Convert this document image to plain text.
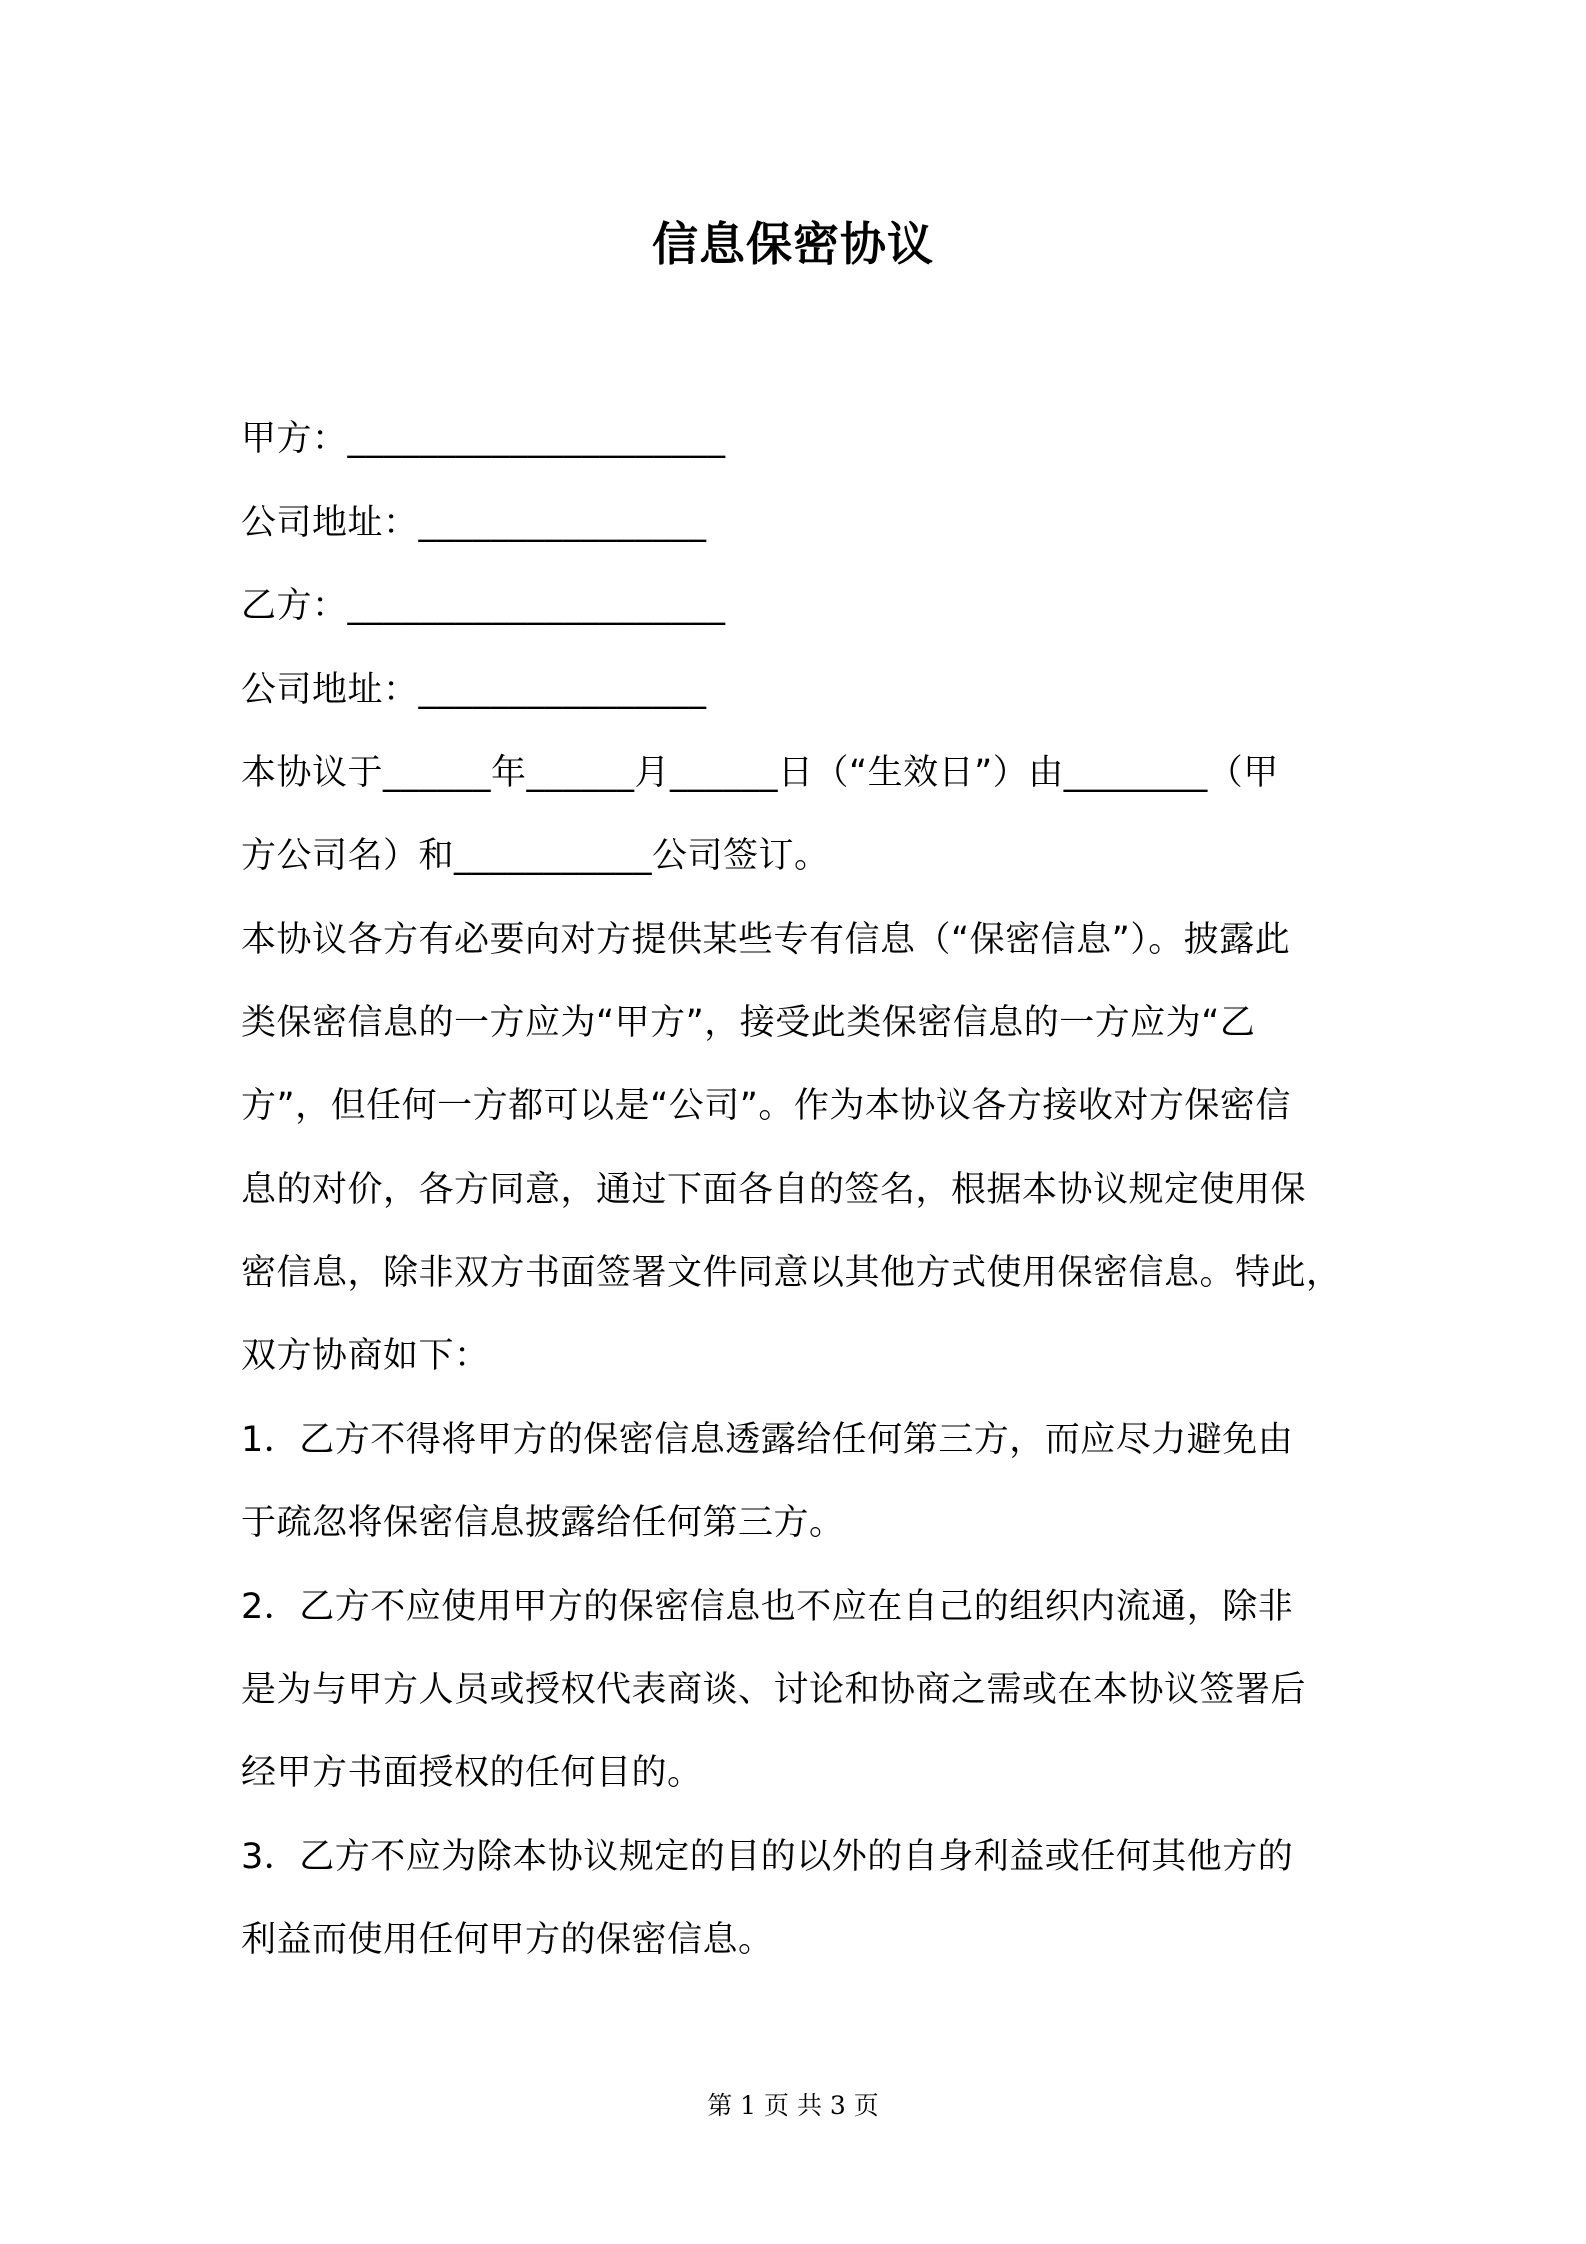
信息保密协议
甲方：_____________________
公司地址：________________
乙方：_____________________
公司地址：________________
本协议于______年______月______日（“生效日”）由________（甲
方公司名）和___________公司签订。
本协议各方有必要向对方提供某些专有信息（“保密信息”）。披露此
类保密信息的一方应为“甲方”，接受此类保密信息的一方应为“乙
方”，但任何一方都可以是“公司”。作为本协议各方接收对方保密信
息的对价，各方同意，通过下面各自的签名，根据本协议规定使用保
密信息，除非双方书面签署文件同意以其他方式使用保密信息。特此，
双方协商如下：
1．乙方不得将甲方的保密信息透露给任何第三方，而应尽力避免由
于疏忽将保密信息披露给任何第三方。
2．乙方不应使用甲方的保密信息也不应在自己的组织内流通，除非
是为与甲方人员或授权代表商谈、讨论和协商之需或在本协议签署后
经甲方书面授权的任何目的。
3．乙方不应为除本协议规定的目的以外的自身利益或任何其他方的
利益而使用任何甲方的保密信息。
第 1 页 共 3 页
